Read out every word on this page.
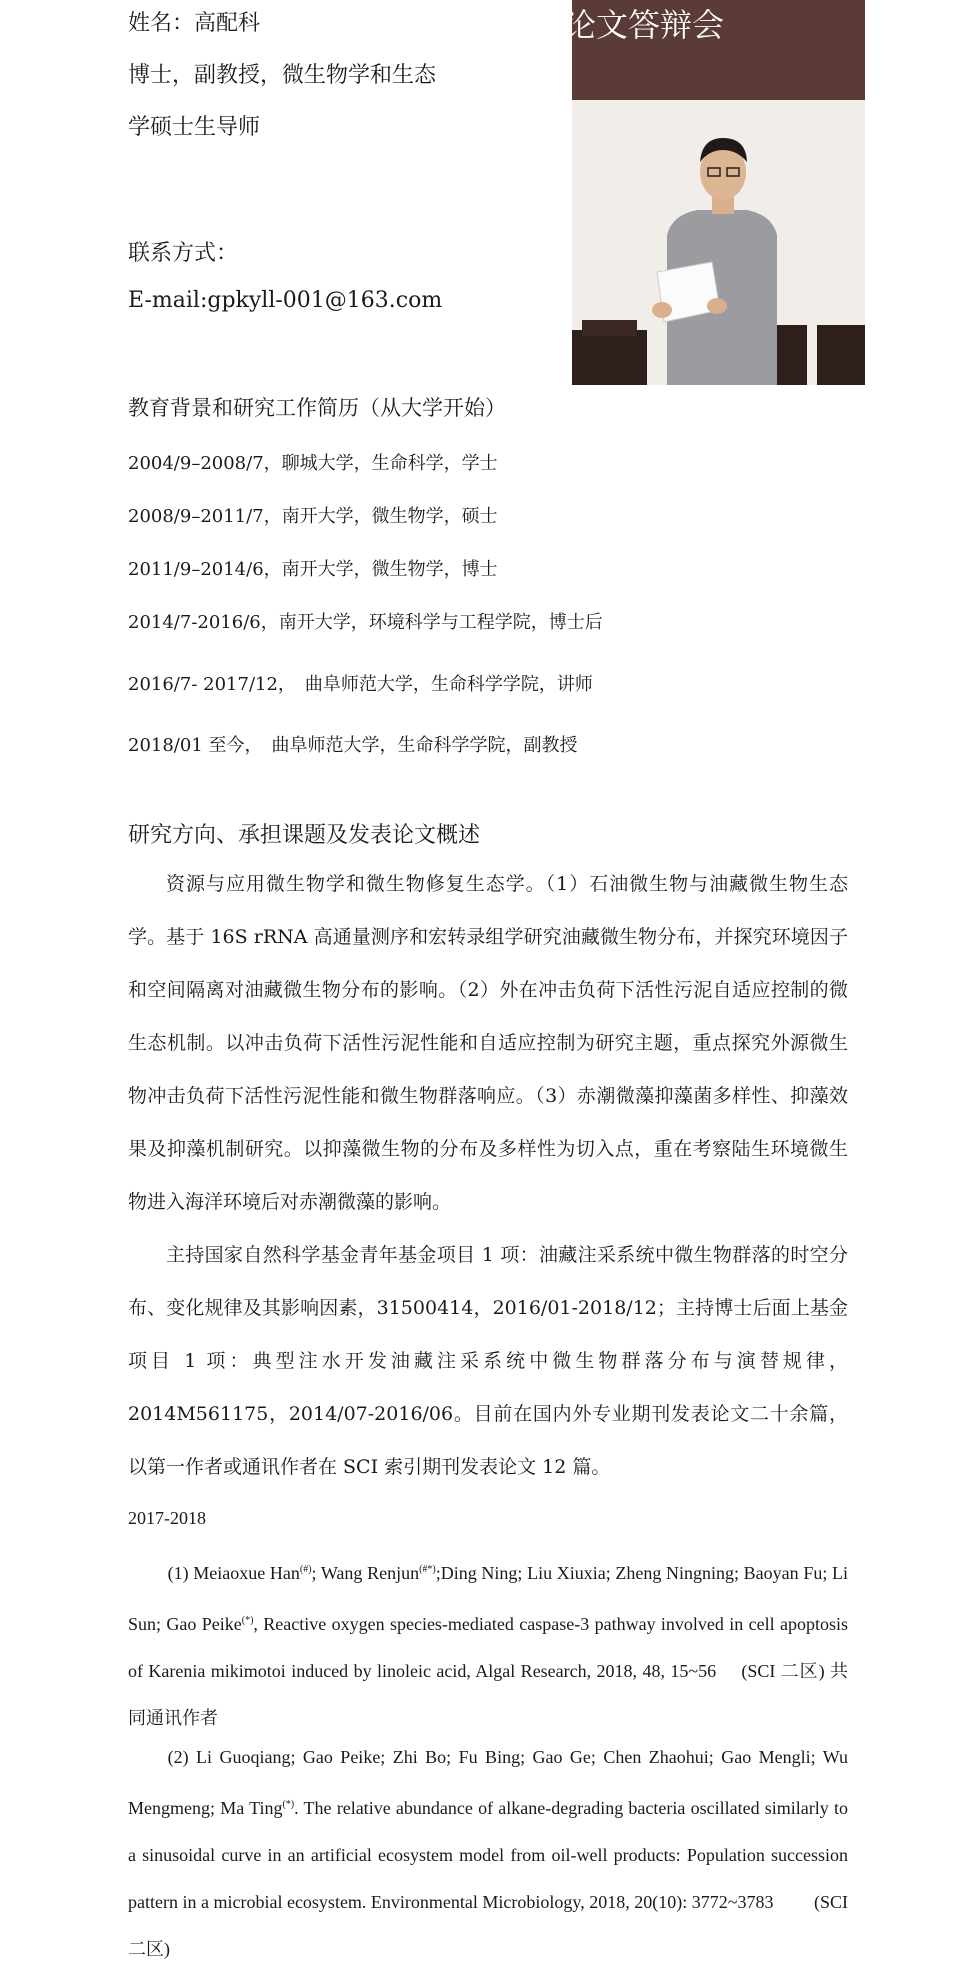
姓名：高配科
博士，副教授，微生物学和生态
学硕士生导师
联系方式：
E-mail:gpkyll-001@163.com
位论文答辩会
教育背景和研究工作简历（从大学开始）
2004/9–2008/7，聊城大学，生命科学，学士
2008/9–2011/7，南开大学，微生物学，硕士
2011/9–2014/6，南开大学，微生物学，博士
2014/7-2016/6，南开大学，环境科学与工程学院，博士后
2016/7- 2017/12，　曲阜师范大学，生命科学学院，讲师
2018/01 至今，　曲阜师范大学，生命科学学院，副教授
研究方向、承担课题及发表论文概述

资源与应用微生物学和微生物修复生态学。（1）石油微生物与油藏微生物生态学。基于 16S rRNA 高通量测序和宏转录组学研究油藏微生物分布，并探究环境因子和空间隔离对油藏微生物分布的影响。（2）外在冲击负荷下活性污泥自适应控制的微生态机制。以冲击负荷下活性污泥性能和自适应控制为研究主题，重点探究外源微生物冲击负荷下活性污泥性能和微生物群落响应。（3）赤潮微藻抑藻菌多样性、抑藻效果及抑藻机制研究。以抑藻微生物的分布及多样性为切入点，重在考察陆生环境微生物进入海洋环境后对赤潮微藻的影响。

主持国家自然科学基金青年基金项目 1 项：油藏注采系统中微生物群落的时空分布、变化规律及其影响因素，31500414，2016/01-2018/12；主持博士后面上基金项目 1 项：典型注水开发油藏注采系统中微生物群落分布与演替规律，2014M561175，2014/07-2016/06。目前在国内外专业期刊发表论文二十余篇，以第一作者或通讯作者在 SCI 索引期刊发表论文 12 篇。

2017-2018

(1) Meiaoxue Han(#); Wang Renjun(#*);Ding Ning; Liu Xiuxia; Zheng Ningning; Baoyan Fu; Li Sun; Gao Peike(*), Reactive oxygen species-mediated caspase-3 pathway involved in cell apoptosis of Karenia mikimotoi induced by linoleic acid, Algal Research, 2018, 48, 15~56　 (SCI 二区) 共同通讯作者

(2) Li Guoqiang; Gao Peike; Zhi Bo; Fu Bing; Gao Ge; Chen Zhaohui; Gao Mengli; Wu Mengmeng; Ma Ting(*). The relative abundance of alkane-degrading bacteria oscillated similarly to a sinusoidal curve in an artificial ecosystem model from oil-well products: Population succession pattern in a microbial ecosystem. Environmental Microbiology, 2018, 20(10): 3772~3783　　 (SCI 二区)
